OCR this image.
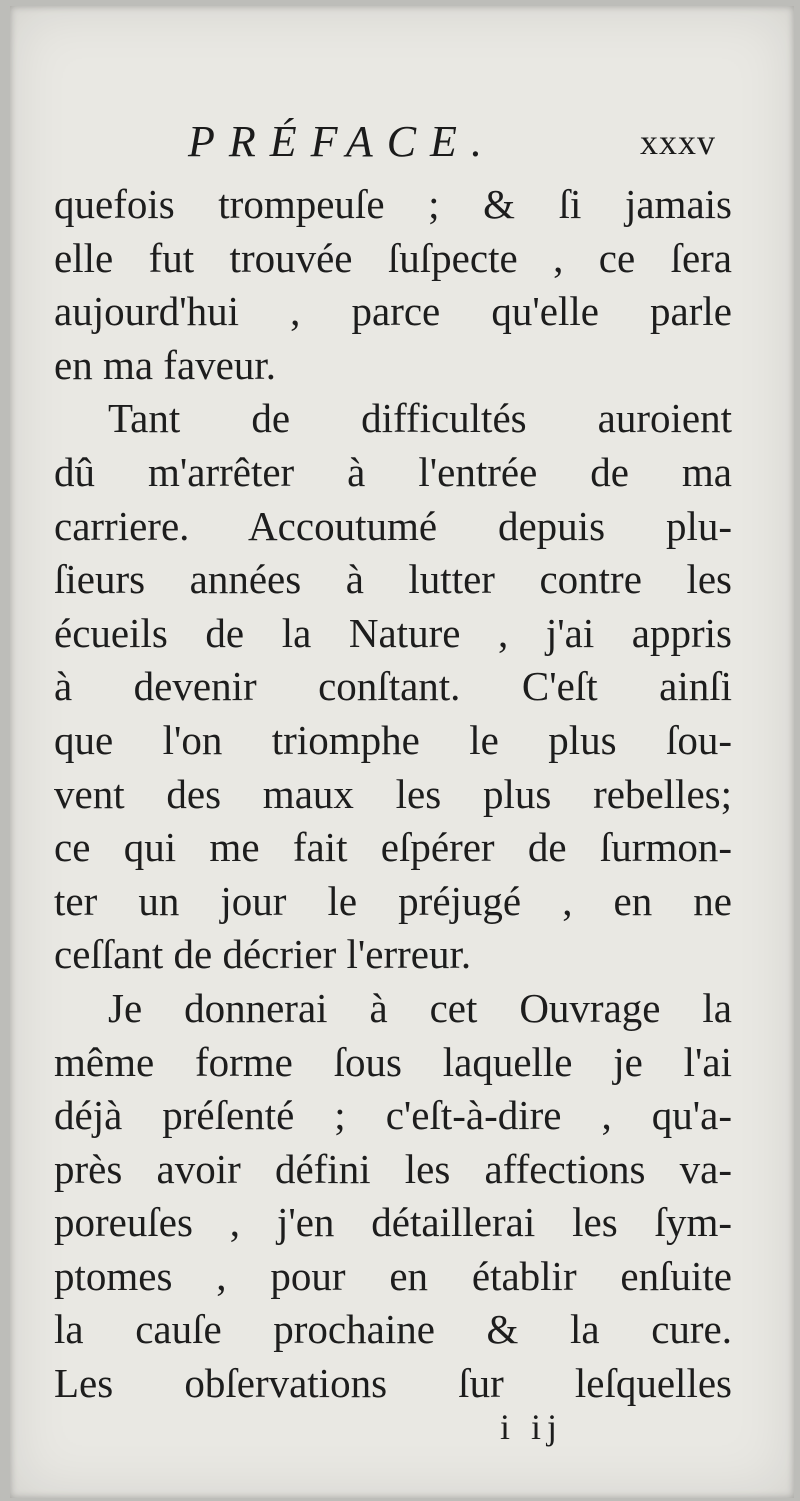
PRÉFACE.	xxxv
quefois trompeuſe ; & ſi jamais
elle fut trouvée ſuſpecte , ce ſera
aujourd'hui , parce qu'elle parle
en ma faveur.
Tant de difficultés auroient
dû m'arrêter à l'entrée de ma
carriere. Accoutumé depuis plu-
ſieurs années à lutter contre les
écueils de la Nature , j'ai appris
à devenir conſtant. C'eſt ainſi
que l'on triomphe le plus ſou-
vent des maux les plus rebelles;
ce qui me fait eſpérer de ſurmon-
ter un jour le préjugé , en ne
ceſſant de décrier l'erreur.
Je donnerai à cet Ouvrage la
même forme ſous laquelle je l'ai
déjà préſenté ; c'eſt-à-dire , qu'a-
près avoir défini les affections va-
poreuſes , j'en détaillerai les ſym-
ptomes , pour en établir enſuite
la cauſe prochaine & la cure.
Les obſervations ſur leſquelles
i ij
